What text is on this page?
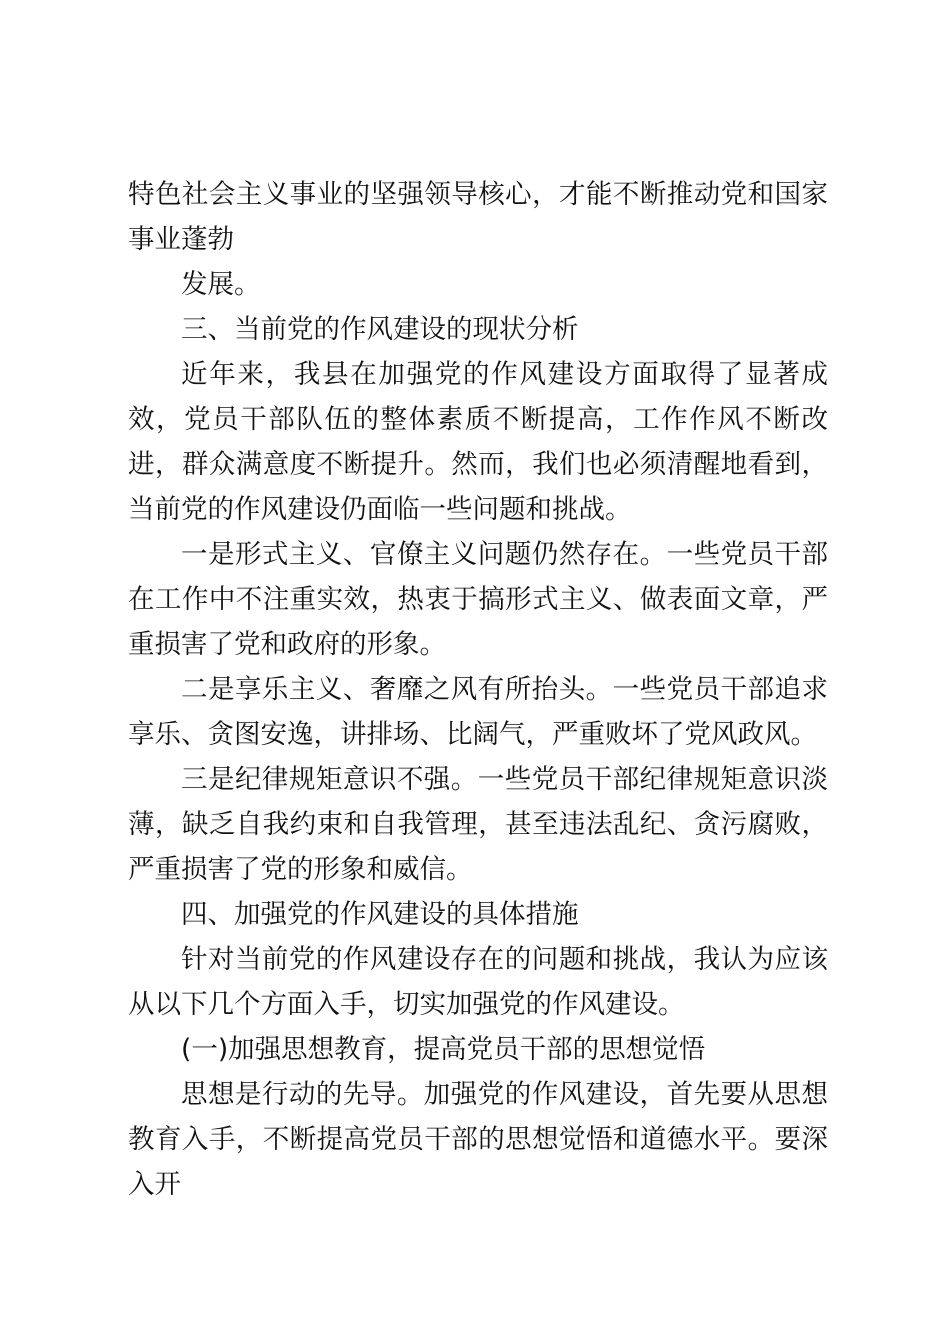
特色社会主义事业的坚强领导核心，才能不断推动党和国家事业蓬勃

发展。

三、当前党的作风建设的现状分析

近年来，我县在加强党的作风建设方面取得了显著成效，党员干部队伍的整体素质不断提高，工作作风不断改进，群众满意度不断提升。然而，我们也必须清醒地看到，当前党的作风建设仍面临一些问题和挑战。

一是形式主义、官僚主义问题仍然存在。一些党员干部在工作中不注重实效，热衷于搞形式主义、做表面文章，严重损害了党和政府的形象。

二是享乐主义、奢靡之风有所抬头。一些党员干部追求享乐、贪图安逸，讲排场、比阔气，严重败坏了党风政风。

三是纪律规矩意识不强。一些党员干部纪律规矩意识淡薄，缺乏自我约束和自我管理，甚至违法乱纪、贪污腐败，严重损害了党的形象和威信。

四、加强党的作风建设的具体措施

针对当前党的作风建设存在的问题和挑战，我认为应该从以下几个方面入手，切实加强党的作风建设。

(一)加强思想教育，提高党员干部的思想觉悟

思想是行动的先导。加强党的作风建设，首先要从思想教育入手，不断提高党员干部的思想觉悟和道德水平。要深入开
